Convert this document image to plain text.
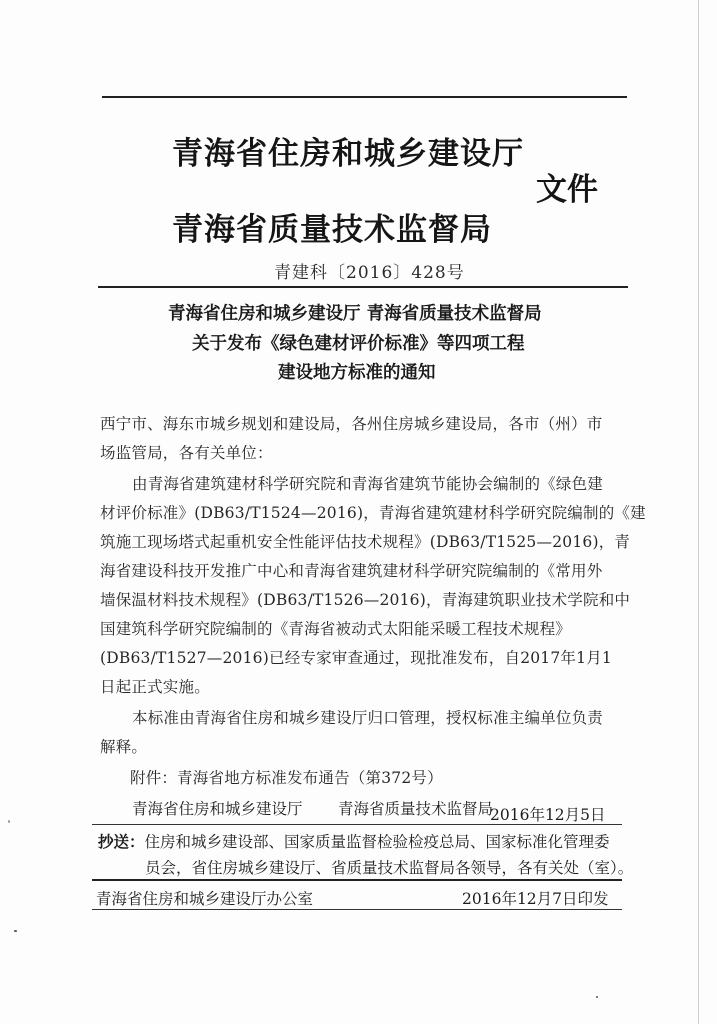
青海省住房和城乡建设厅
文件
青海省质量技术监督局
青建科〔2016〕428号
青海省住房和城乡建设厅 青海省质量技术监督局
关于发布《绿色建材评价标准》等四项工程
建设地方标准的通知
西宁市、海东市城乡规划和建设局，各州住房城乡建设局，各市（州）市
场监管局，各有关单位：
由青海省建筑建材科学研究院和青海省建筑节能协会编制的《绿色建
材评价标准》(DB63/T1524—2016)，青海省建筑建材科学研究院编制的《建
筑施工现场塔式起重机安全性能评估技术规程》(DB63/T1525—2016)，青
海省建设科技开发推广中心和青海省建筑建材科学研究院编制的《常用外
墙保温材料技术规程》(DB63/T1526—2016)，青海建筑职业技术学院和中
国建筑科学研究院编制的《青海省被动式太阳能采暖工程技术规程》
(DB63/T1527—2016)已经专家审查通过，现批准发布，自2017年1月1
日起正式实施。
本标准由青海省住房和城乡建设厅归口管理，授权标准主编单位负责
解释。
附件：青海省地方标准发布通告（第372号）
青海省住房和城乡建设厅 青海省质量技术监督局
2016年12月5日
抄送：住房和城乡建设部、国家质量监督检验检疫总局、国家标准化管理委
员会，省住房城乡建设厅、省质量技术监督局各领导，各有关处（室）。
青海省住房和城乡建设厅办公室	2016年12月7日印发
